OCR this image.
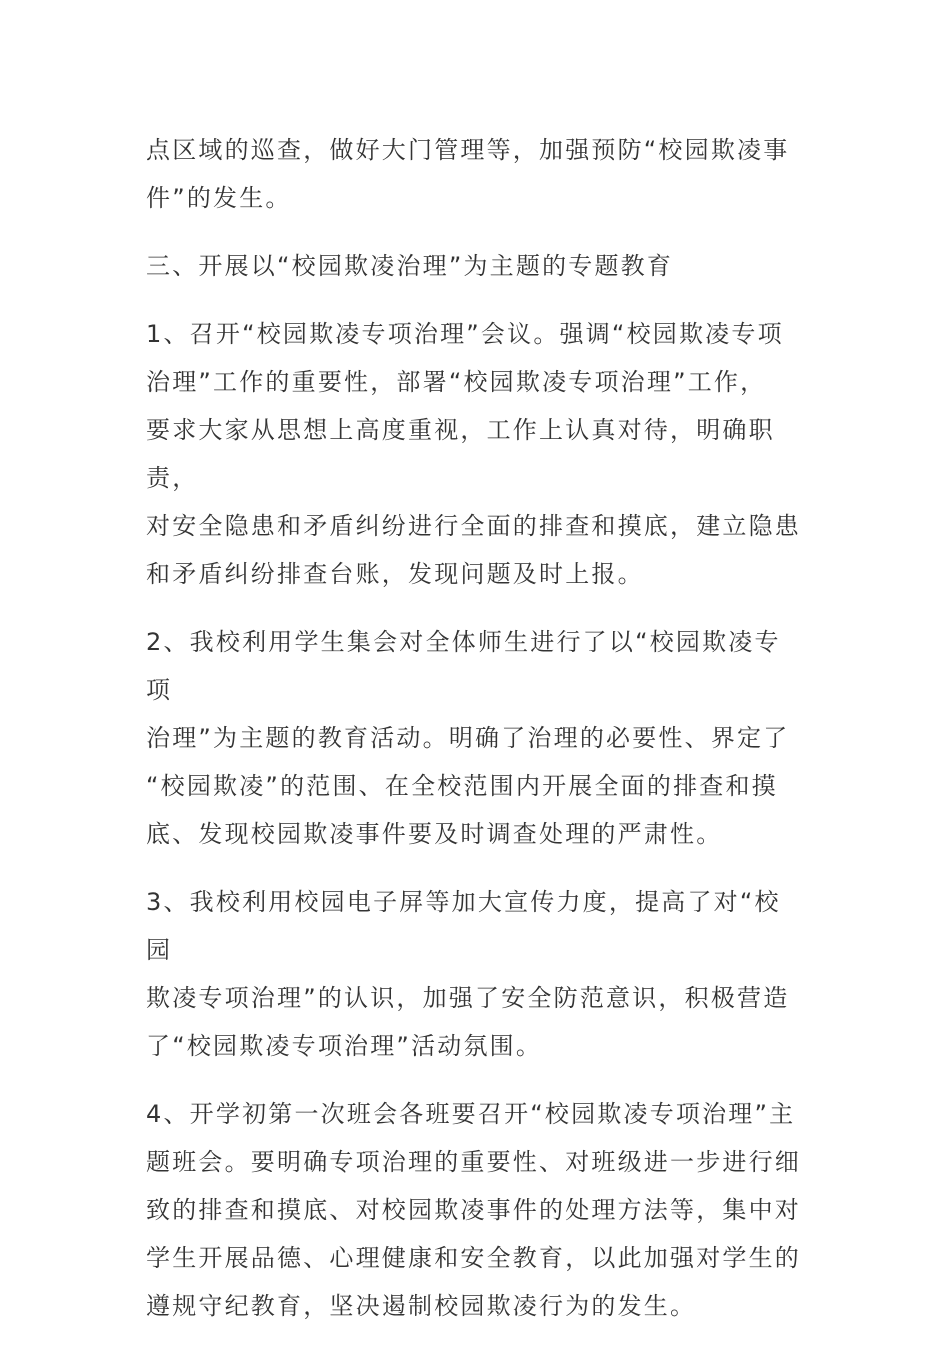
点区域的巡查，做好大门管理等，加强预防“校园欺凌事
件”的发生。

三、开展以“校园欺凌治理”为主题的专题教育

1、召开“校园欺凌专项治理”会议。强调“校园欺凌专项
治理”工作的重要性，部署“校园欺凌专项治理”工作，
要求大家从思想上高度重视，工作上认真对待，明确职责，
对安全隐患和矛盾纠纷进行全面的排查和摸底，建立隐患
和矛盾纠纷排查台账，发现问题及时上报。

2、我校利用学生集会对全体师生进行了以“校园欺凌专项
治理”为主题的教育活动。明确了治理的必要性、界定了
“校园欺凌”的范围、在全校范围内开展全面的排查和摸
底、发现校园欺凌事件要及时调查处理的严肃性。

3、我校利用校园电子屏等加大宣传力度，提高了对“校园
欺凌专项治理”的认识，加强了安全防范意识，积极营造
了“校园欺凌专项治理”活动氛围。

4、开学初第一次班会各班要召开“校园欺凌专项治理”主
题班会。要明确专项治理的重要性、对班级进一步进行细
致的排查和摸底、对校园欺凌事件的处理方法等，集中对
学生开展品德、心理健康和安全教育，以此加强对学生的
遵规守纪教育，坚决遏制校园欺凌行为的发生。
